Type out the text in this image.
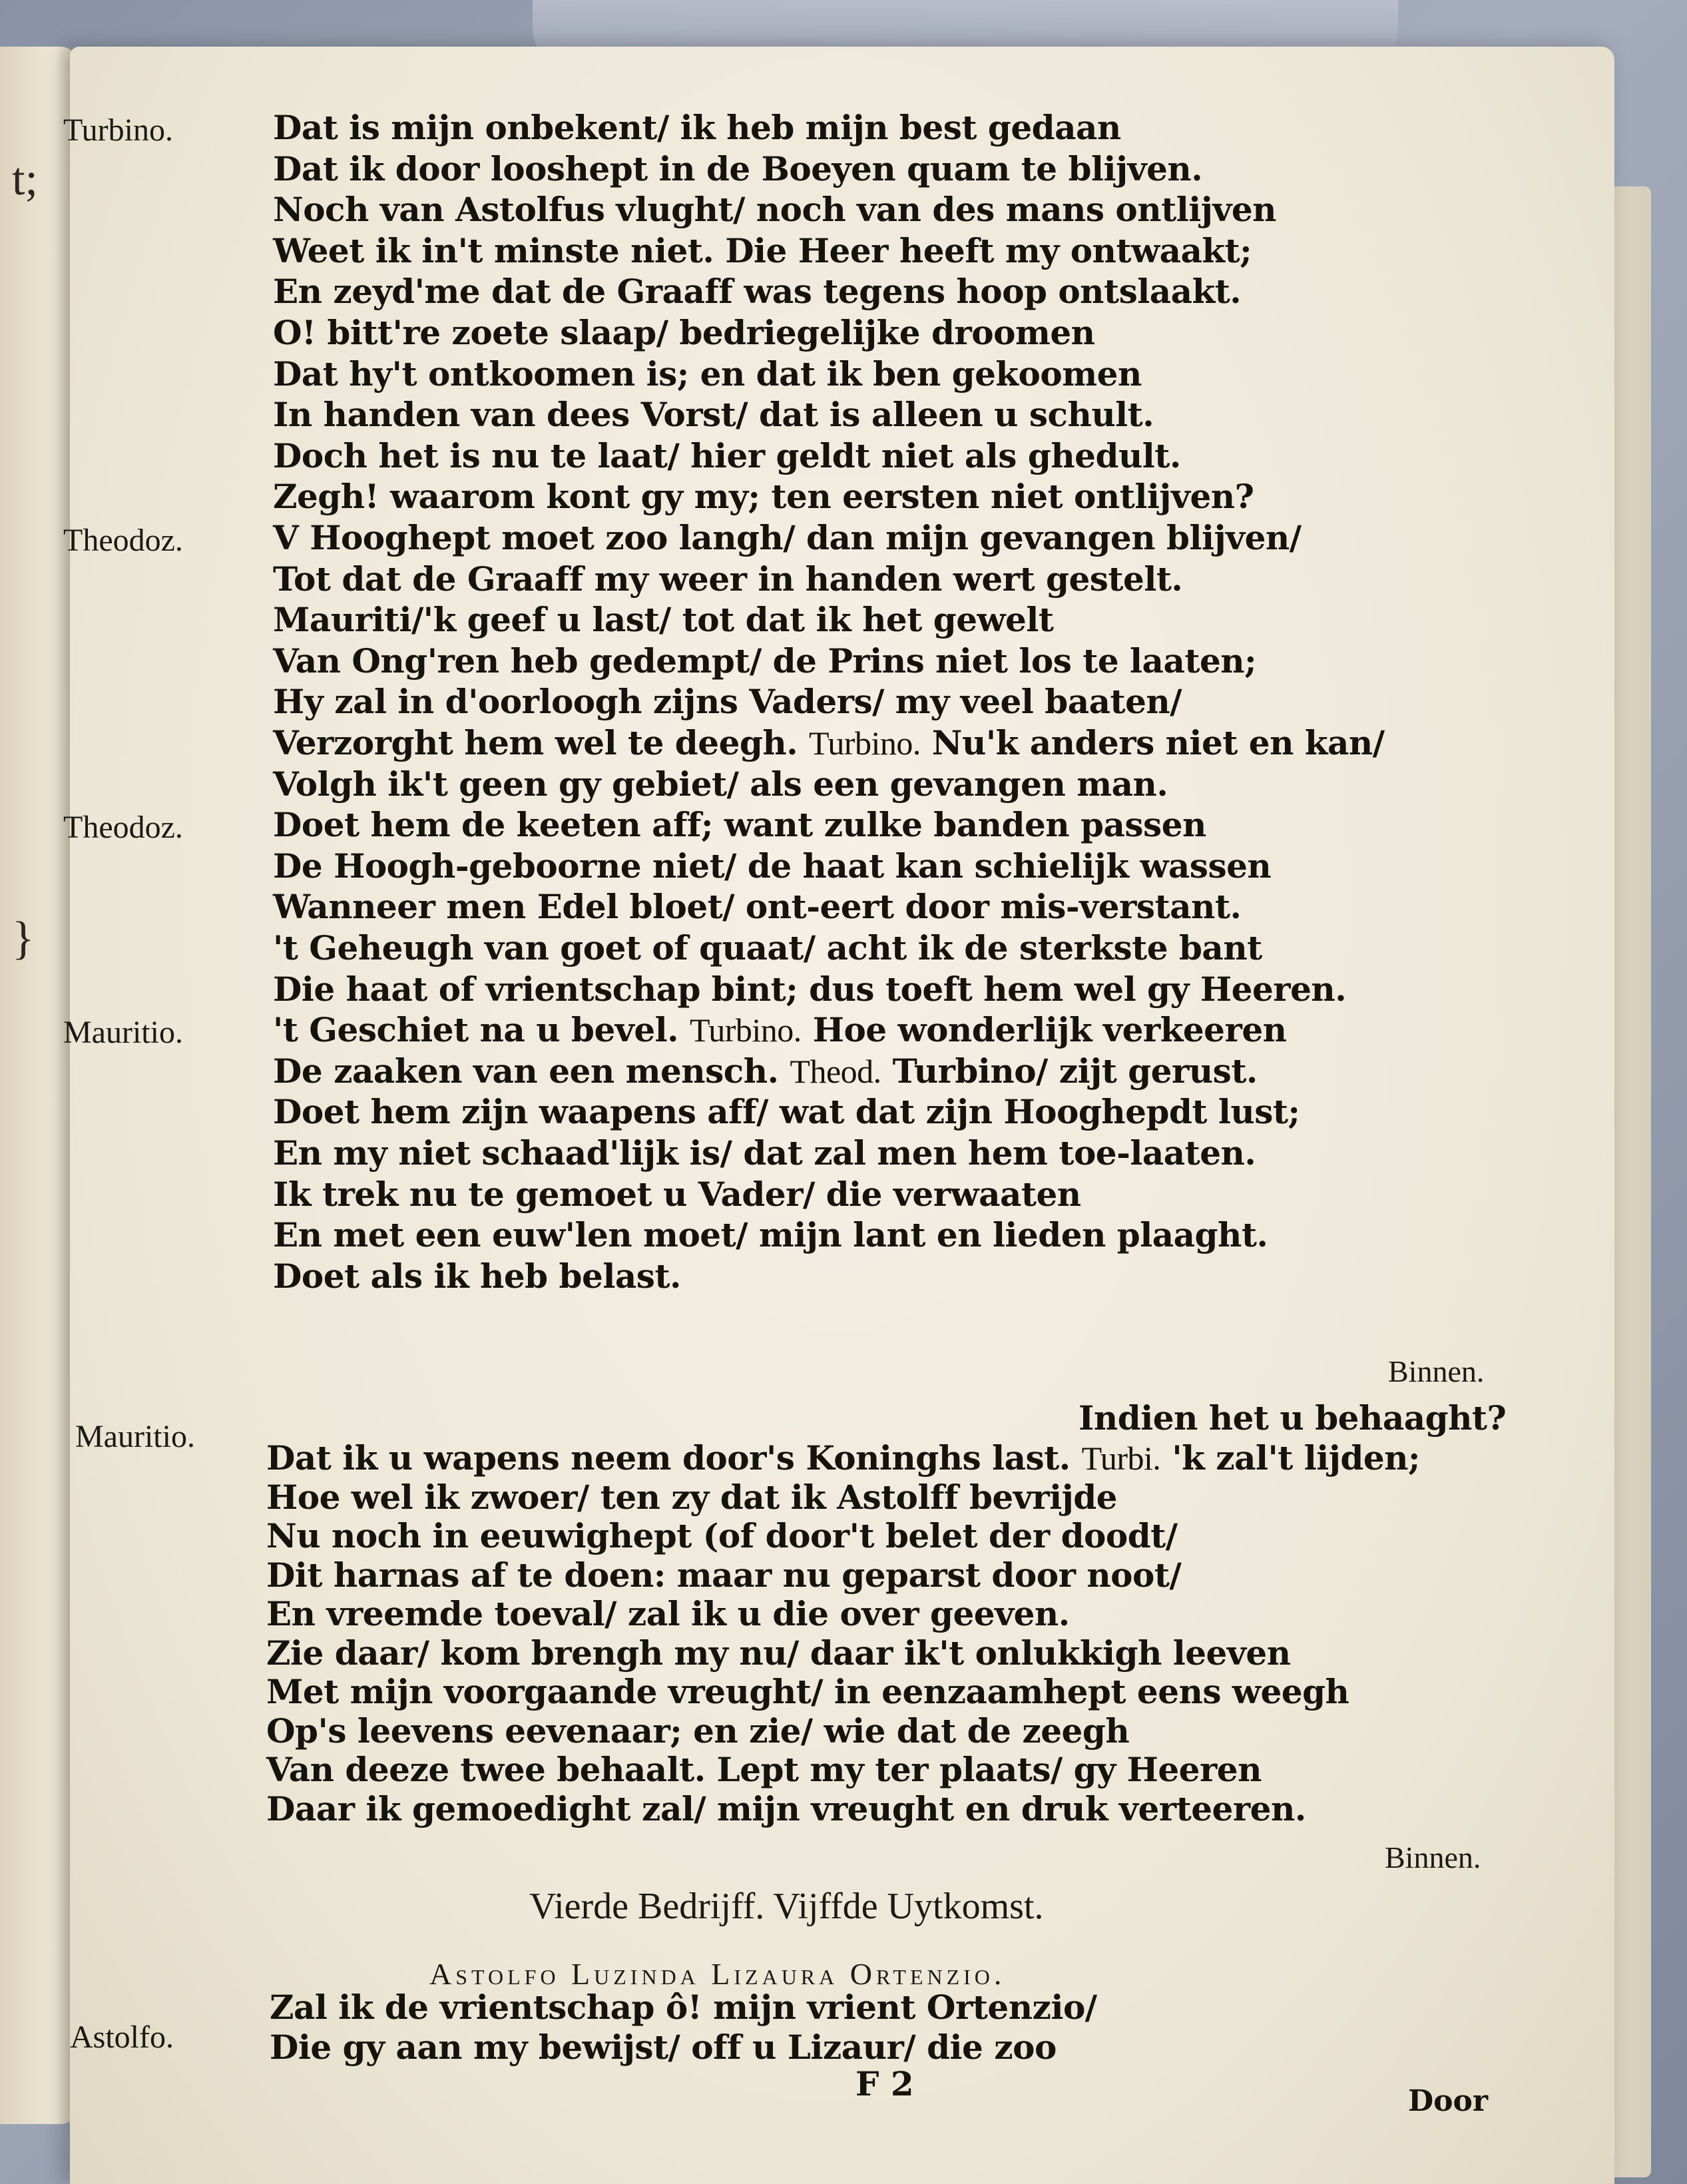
t;
}
Turbino.	Dat is mijn onbekent/ ik heb mijn best gedaan
Dat ik door looshept in de Boeyen quam te blijven.
Noch van Astolfus vlught/ noch van des mans ontlijven
Weet ik in't minste niet. Die Heer heeft my ontwaakt;
En zeyd'me dat de Graaff was tegens hoop ontslaakt.
O! bitt're zoete slaap/ bedriegelijke droomen
Dat hy't ontkoomen is; en dat ik ben gekoomen
In handen van dees Vorst/ dat is alleen u schult.
Doch het is nu te laat/ hier geldt niet als ghedult.
Zegh! waarom kont gy my; ten eersten niet ontlijven?
Theodoz.	V Hooghept moet zoo langh/ dan mijn gevangen blijven/
Tot dat de Graaff my weer in handen wert gestelt.
Mauriti/'k geef u last/ tot dat ik het gewelt
Van Ong'ren heb gedempt/ de Prins niet los te laaten;
Hy zal in d'oorloogh zijns Vaders/ my veel baaten/
Verzorght hem wel te deegh. Turbino. Nu'k anders niet en kan/
Volgh ik't geen gy gebiet/ als een gevangen man.
Theodoz.	Doet hem de keeten aff; want zulke banden passen
De Hoogh-geboorne niet/ de haat kan schielijk wassen
Wanneer men Edel bloet/ ont-eert door mis-verstant.
't Geheugh van goet of quaat/ acht ik de sterkste bant
Die haat of vrientschap bint; dus toeft hem wel gy Heeren.
Mauritio.	't Geschiet na u bevel. Turbino. Hoe wonderlijk verkeeren
De zaaken van een mensch. Theod. Turbino/ zijt gerust.
Doet hem zijn waapens aff/ wat dat zijn Hooghepdt lust;
En my niet schaad'lijk is/ dat zal men hem toe-laaten.
Ik trek nu te gemoet u Vader/ die verwaaten
En met een euw'len moet/ mijn lant en lieden plaaght.
Doet als ik heb belast.
Binnen.
Mauritio.	Indien het u behaaght?
Dat ik u wapens neem door's Koninghs last. Turbi. 'k zal't lijden;
Hoe wel ik zwoer/ ten zy dat ik Astolff bevrijde
Nu noch in eeuwighept (of door't belet der doodt/
Dit harnas af te doen: maar nu geparst door noot/
En vreemde toeval/ zal ik u die over geeven.
Zie daar/ kom brengh my nu/ daar ik't onlukkigh leeven
Met mijn voorgaande vreught/ in eenzaamhept eens weegh
Op's leevens eevenaar; en zie/ wie dat de zeegh
Van deeze twee behaalt. Lept my ter plaats/ gy Heeren
Daar ik gemoedight zal/ mijn vreught en druk verteeren.
Binnen.
Vierde Bedrijff. Vijffde Uytkomst.
Astolfo Luzinda Lizaura Ortenzio.
Astolfo.
Zal ik de vrientschap ô! mijn vrient Ortenzio/
Die gy aan my bewijst/ off u Lizaur/ die zoo
F 2	Door
